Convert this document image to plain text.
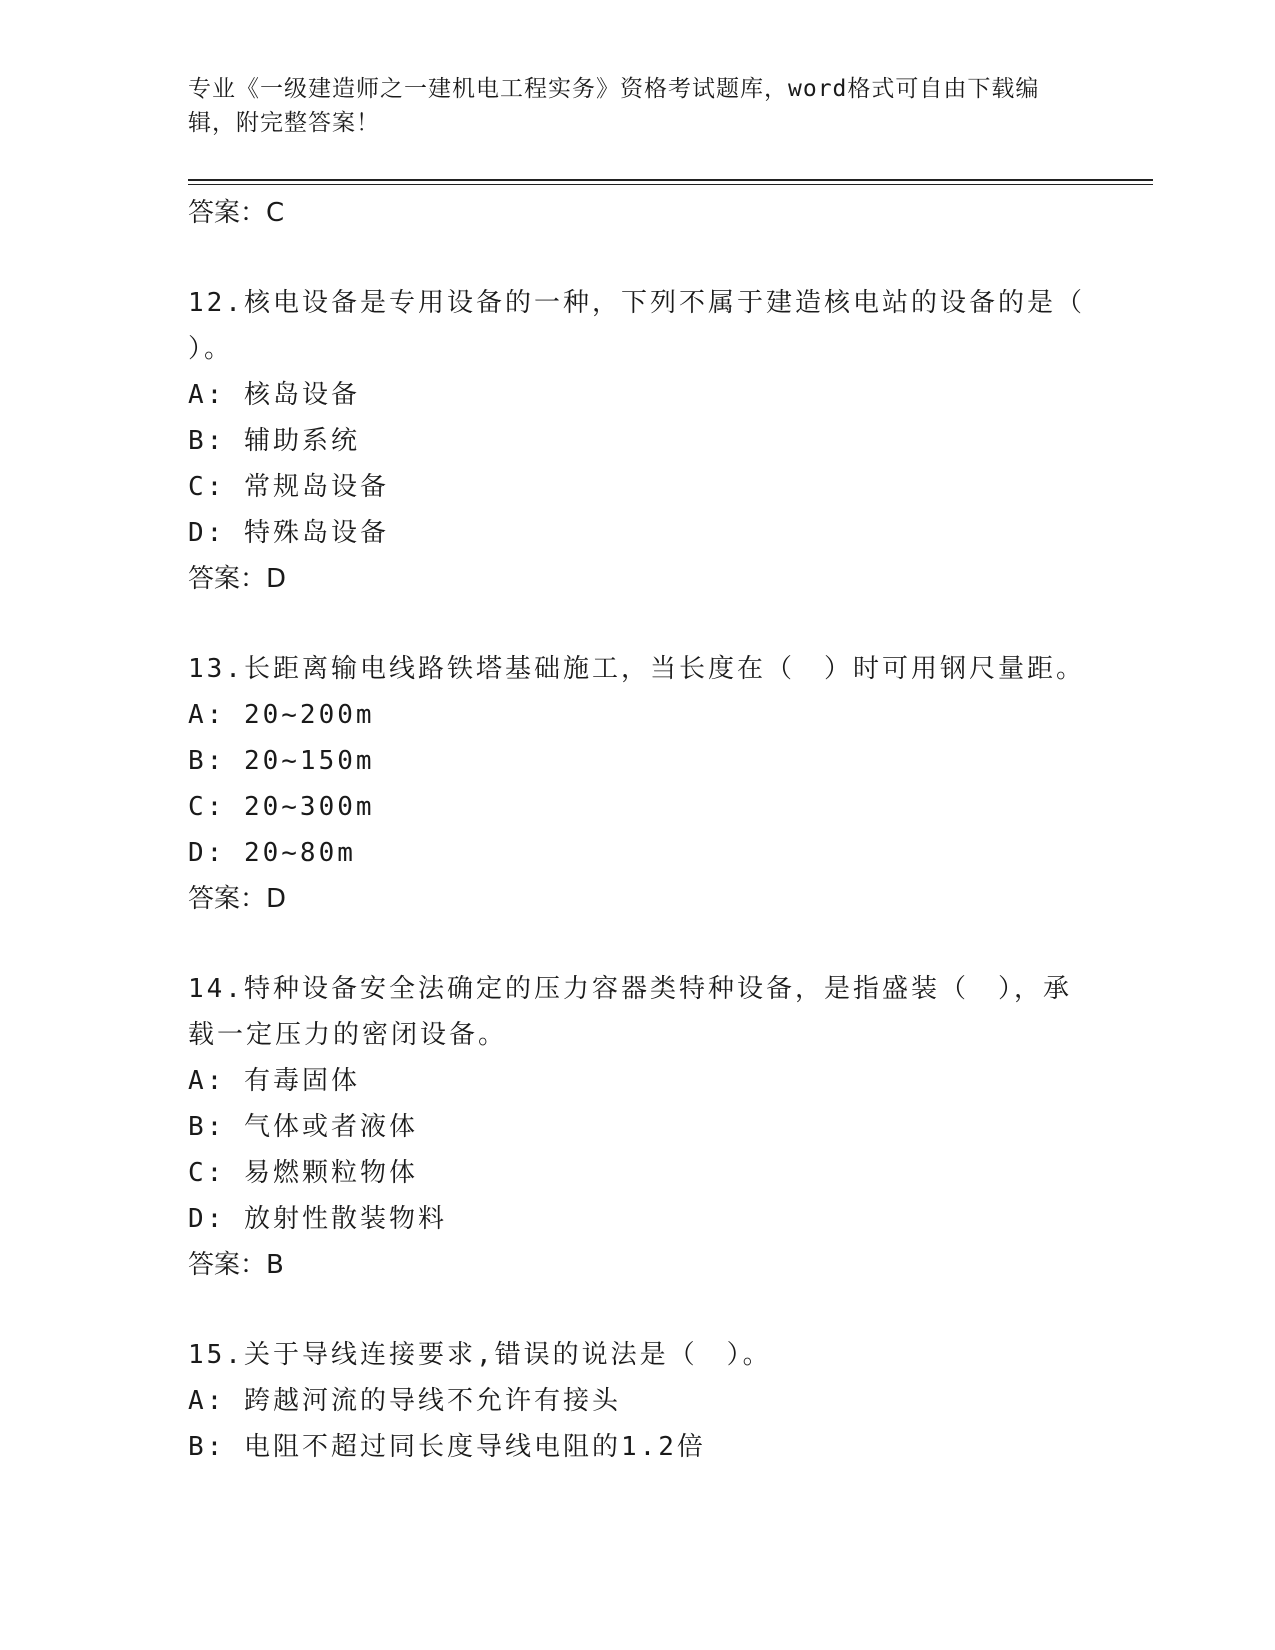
专业《一级建造师之一建机电工程实务》资格考试题库，word格式可自由下载编
辑，附完整答案！

答案：C

12.核电设备是专用设备的一种，下列不属于建造核电站的设备的是（

）。

A: 核岛设备

B: 辅助系统

C: 常规岛设备

D: 特殊岛设备

答案：D

13.长距离输电线路铁塔基础施工，当长度在（　）时可用钢尺量距。

A: 20~200m

B: 20~150m

C: 20~300m

D: 20~80m

答案：D

14.特种设备安全法确定的压力容器类特种设备，是指盛装（　），承

载一定压力的密闭设备。

A: 有毒固体

B: 气体或者液体

C: 易燃颗粒物体

D: 放射性散装物料

答案：B

15.关于导线连接要求,错误的说法是（　）。

A: 跨越河流的导线不允许有接头

B: 电阻不超过同长度导线电阻的1.2倍
